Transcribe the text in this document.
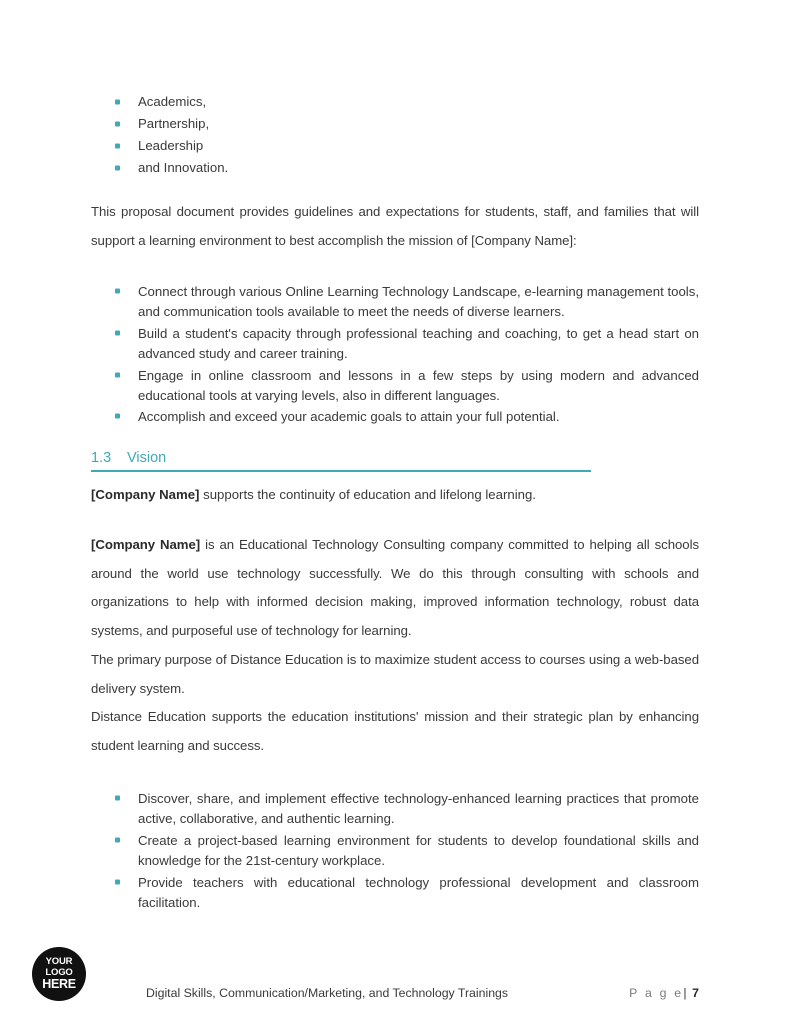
Academics,
Partnership,
Leadership
and Innovation.

This proposal document provides guidelines and expectations for students, staff, and families that will support a learning environment to best accomplish the mission of [Company Name]:

Connect through various Online Learning Technology Landscape, e-learning management tools, and communication tools available to meet the needs of diverse learners.
Build a student's capacity through professional teaching and coaching, to get a head start on advanced study and career training.
Engage in online classroom and lessons in a few steps by using modern and advanced educational tools at varying levels, also in different languages.
Accomplish and exceed your academic goals to attain your full potential.
1.3	Vision

[Company Name] supports the continuity of education and lifelong learning.

[Company Name] is an Educational Technology Consulting company committed to helping all schools around the world use technology successfully. We do this through consulting with schools and organizations to help with informed decision making, improved information technology, robust data systems, and purposeful use of technology for learning.

The primary purpose of Distance Education is to maximize student access to courses using a web-based delivery system.

Distance Education supports the education institutions' mission and their strategic plan by enhancing student learning and success.

Discover, share, and implement effective technology-enhanced learning practices that promote active, collaborative, and authentic learning.
Create a project-based learning environment for students to develop foundational skills and knowledge for the 21st-century workplace.
Provide teachers with educational technology professional development and classroom facilitation.
YOUR
LOGO
HERE
Digital Skills, Communication/Marketing, and Technology Trainings	P a g e| 7
